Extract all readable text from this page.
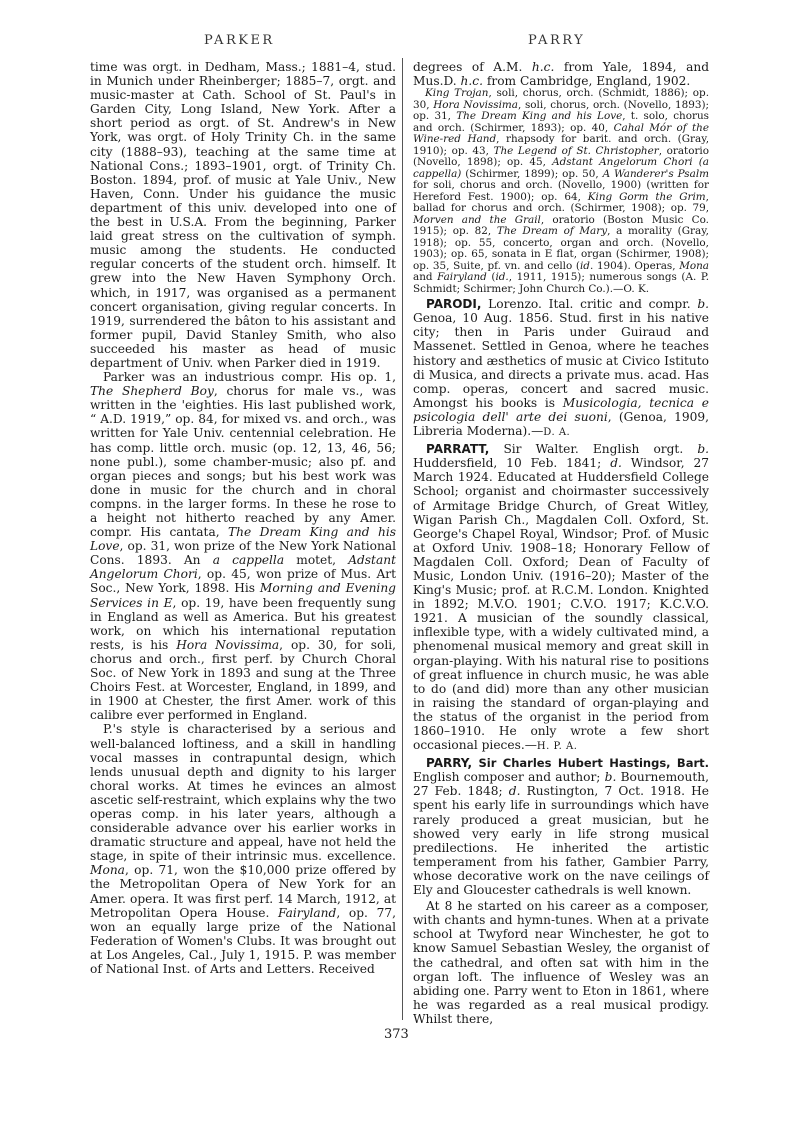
PARKER	PARRY

time was orgt. in Dedham, Mass.; 1881–4, stud. in Munich under Rheinberger; 1885–7, orgt. and music-master at Cath. School of St. Paul's in Garden City, Long Island, New York. After a short period as orgt. of St. Andrew's in New York, was orgt. of Holy Trinity Ch. in the same city (1888–93), teaching at the same time at National Cons.; 1893–1901, orgt. of Trinity Ch. Boston. 1894, prof. of music at Yale Univ., New Haven, Conn. Under his guidance the music department of this univ. developed into one of the best in U.S.A. From the beginning, Parker laid great stress on the cultivation of symph. music among the students. He conducted regular concerts of the student orch. himself. It grew into the New Haven Symphony Orch. which, in 1917, was organised as a permanent concert organisation, giving regular concerts. In 1919, surrendered the bâton to his assistant and former pupil, David Stanley Smith, who also succeeded his master as head of music department of Univ. when Parker died in 1919.

Parker was an industrious compr. His op. 1, The Shepherd Boy, chorus for male vs., was written in the 'eighties. His last published work, “ A.D. 1919,” op. 84, for mixed vs. and orch., was written for Yale Univ. centennial celebration. He has comp. little orch. music (op. 12, 13, 46, 56; none publ.), some chamber-music; also pf. and organ pieces and songs; but his best work was done in music for the church and in choral compns. in the larger forms. In these he rose to a height not hitherto reached by any Amer. compr. His cantata, The Dream King and his Love, op. 31, won prize of the New York National Cons. 1893. An a cappella motet, Adstant Angelorum Chori, op. 45, won prize of Mus. Art Soc., New York, 1898. His Morning and Evening Services in E, op. 19, have been frequently sung in England as well as America. But his greatest work, on which his international reputation rests, is his Hora Novissima, op. 30, for soli, chorus and orch., first perf. by Church Choral Soc. of New York in 1893 and sung at the Three Choirs Fest. at Worcester, England, in 1899, and in 1900 at Chester, the first Amer. work of this calibre ever performed in England.

P.'s style is characterised by a serious and well-balanced loftiness, and a skill in handling vocal masses in contrapuntal design, which lends unusual depth and dignity to his larger choral works. At times he evinces an almost ascetic self-restraint, which explains why the two operas comp. in his later years, although a considerable advance over his earlier works in dramatic structure and appeal, have not held the stage, in spite of their intrinsic mus. excellence. Mona, op. 71, won the $10,000 prize offered by the Metropolitan Opera of New York for an Amer. opera. It was first perf. 14 March, 1912, at Metropolitan Opera House. Fairyland, op. 77, won an equally large prize of the National Federation of Women's Clubs. It was brought out at Los Angeles, Cal., July 1, 1915. P. was member of National Inst. of Arts and Letters. Received

degrees of A.M. h.c. from Yale, 1894, and Mus.D. h.c. from Cambridge, England, 1902.

King Trojan, soli, chorus, orch. (Schmidt, 1886); op. 30, Hora Novissima, soli, chorus, orch. (Novello, 1893); op. 31, The Dream King and his Love, t. solo, chorus and orch. (Schirmer, 1893); op. 40, Cahal Mór of the Wine-red Hand, rhapsody for barit. and orch. (Gray, 1910); op. 43, The Legend of St. Christopher, oratorio (Novello, 1898); op. 45, Adstant Angelorum Chori (a cappella) (Schirmer, 1899); op. 50, A Wanderer's Psalm for soli, chorus and orch. (Novello, 1900) (written for Hereford Fest. 1900); op. 64, King Gorm the Grim, ballad for chorus and orch. (Schirmer, 1908); op. 79, Morven and the Grail, oratorio (Boston Music Co. 1915); op. 82, The Dream of Mary, a morality (Gray, 1918); op. 55, concerto, organ and orch. (Novello, 1903); op. 65, sonata in E flat, organ (Schirmer, 1908); op. 35, Suite, pf. vn. and cello (id. 1904). Operas, Mona and Fairyland (id., 1911, 1915); numerous songs (A. P. Schmidt; Schirmer; John Church Co.).—O. K.

PARODI, Lorenzo. Ital. critic and compr. b. Genoa, 10 Aug. 1856. Stud. first in his native city; then in Paris under Guiraud and Massenet. Settled in Genoa, where he teaches history and æsthetics of music at Civico Istituto di Musica, and directs a private mus. acad. Has comp. operas, concert and sacred music. Amongst his books is Musicologia, tecnica e psicologia dell' arte dei suoni, (Genoa, 1909, Libreria Moderna).—D. A.

PARRATT, Sir Walter. English orgt. b. Huddersfield, 10 Feb. 1841; d. Windsor, 27 March 1924. Educated at Huddersfield College School; organist and choirmaster successively of Armitage Bridge Church, of Great Witley, Wigan Parish Ch., Magdalen Coll. Oxford, St. George's Chapel Royal, Windsor; Prof. of Music at Oxford Univ. 1908–18; Honorary Fellow of Magdalen Coll. Oxford; Dean of Faculty of Music, London Univ. (1916–20); Master of the King's Music; prof. at R.C.M. London. Knighted in 1892; M.V.O. 1901; C.V.O. 1917; K.C.V.O. 1921. A musician of the soundly classical, inflexible type, with a widely cultivated mind, a phenomenal musical memory and great skill in organ-playing. With his natural rise to positions of great influence in church music, he was able to do (and did) more than any other musician in raising the standard of organ-playing and the status of the organist in the period from 1860–1910. He only wrote a few short occasional pieces.—H. P. A.

PARRY, Sir Charles Hubert Hastings, Bart. English composer and author; b. Bournemouth, 27 Feb. 1848; d. Rustington, 7 Oct. 1918. He spent his early life in surroundings which have rarely produced a great musician, but he showed very early in life strong musical predilections. He inherited the artistic temperament from his father, Gambier Parry, whose decorative work on the nave ceilings of Ely and Gloucester cathedrals is well known.

At 8 he started on his career as a composer, with chants and hymn-tunes. When at a private school at Twyford near Winchester, he got to know Samuel Sebastian Wesley, the organist of the cathedral, and often sat with him in the organ loft. The influence of Wesley was an abiding one. Parry went to Eton in 1861, where he was regarded as a real musical prodigy. Whilst there,

373
